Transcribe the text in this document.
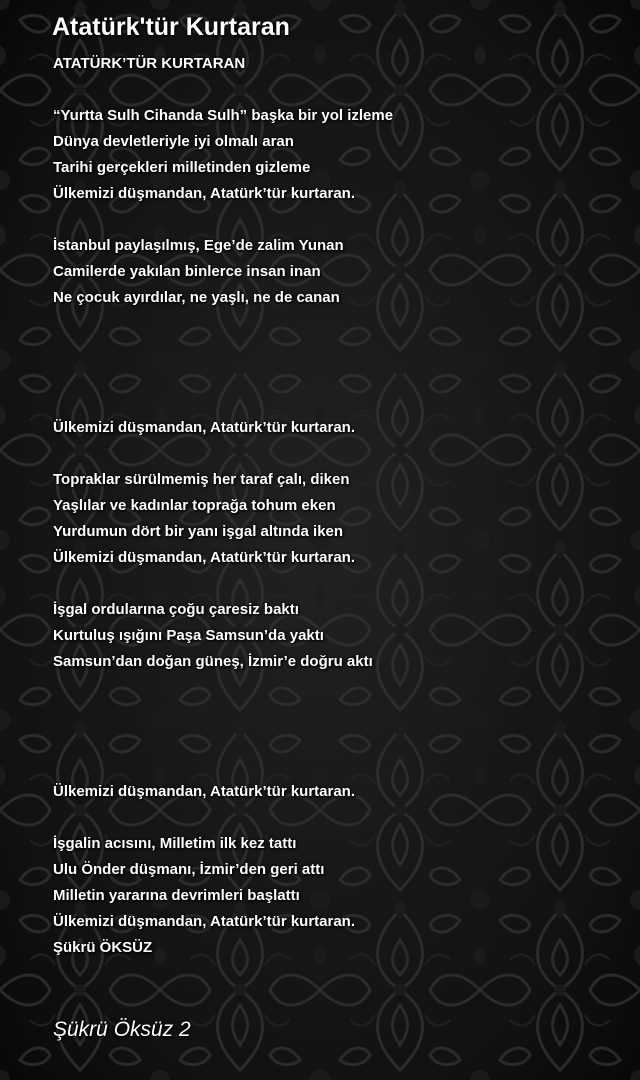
Atatürk'tür Kurtaran
ATATÜRK’TÜR KURTARAN
“Yurtta Sulh Cihanda Sulh” başka bir yol izleme
Dünya devletleriyle iyi olmalı aran
Tarihi gerçekleri milletinden gizleme
Ülkemizi düşmandan, Atatürk’tür kurtaran.
İstanbul paylaşılmış, Ege’de zalim Yunan
Camilerde yakılan binlerce insan inan
Ne çocuk ayırdılar, ne yaşlı, ne de canan
Ülkemizi düşmandan, Atatürk’tür kurtaran.
Topraklar sürülmemiş her taraf çalı, diken
Yaşlılar ve kadınlar toprağa tohum eken
Yurdumun dört bir yanı işgal altında iken
Ülkemizi düşmandan, Atatürk’tür kurtaran.
İşgal ordularına çoğu çaresiz baktı
Kurtuluş ışığını Paşa Samsun’da yaktı
Samsun’dan doğan güneş, İzmir’e doğru aktı
Ülkemizi düşmandan, Atatürk’tür kurtaran.
İşgalin acısını, Milletim ilk kez tattı
Ulu Önder düşmanı, İzmir’den geri attı
Milletin yararına devrimleri başlattı
Ülkemizi düşmandan, Atatürk’tür kurtaran.
Şükrü ÖKSÜZ
Şükrü Öksüz 2
